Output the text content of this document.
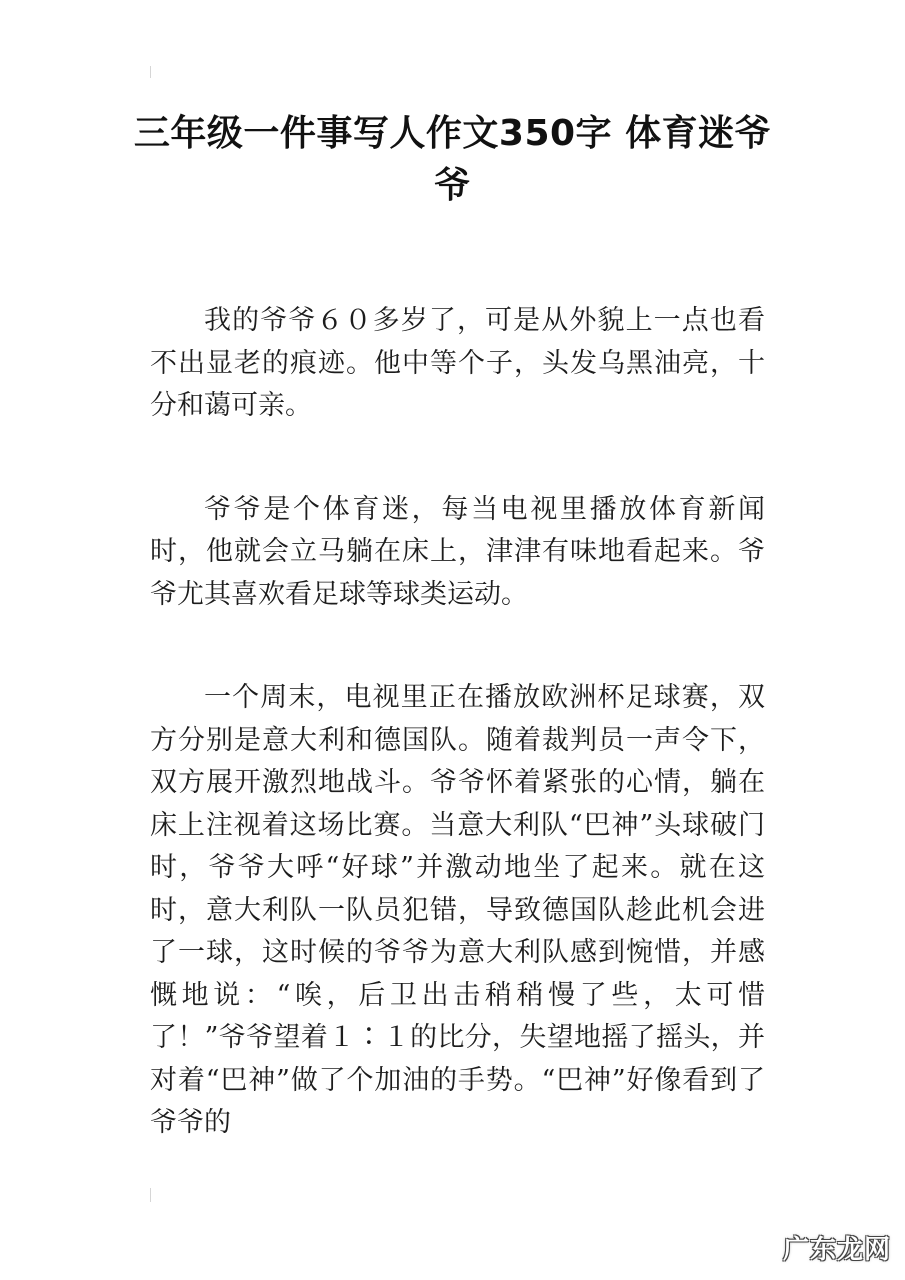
三年级一件事写人作文350字 体育迷爷爷

我的爷爷６０多岁了，可是从外貌上一点也看不出显老的痕迹。他中等个子，头发乌黑油亮，十分和蔼可亲。

爷爷是个体育迷，每当电视里播放体育新闻时，他就会立马躺在床上，津津有味地看起来。爷爷尤其喜欢看足球等球类运动。

一个周末，电视里正在播放欧洲杯足球赛，双方分别是意大利和德国队。随着裁判员一声令下，双方展开激烈地战斗。爷爷怀着紧张的心情，躺在床上注视着这场比赛。当意大利队“巴神”头球破门时，爷爷大呼“好球”并激动地坐了起来。就在这时，意大利队一队员犯错，导致德国队趁此机会进了一球，这时候的爷爷为意大利队感到惋惜，并感慨地说：“唉，后卫出击稍稍慢了些，太可惜了！”爷爷望着１∶１的比分，失望地摇了摇头，并对着“巴神”做了个加油的手势。“巴神”好像看到了爷爷的

广东龙网
